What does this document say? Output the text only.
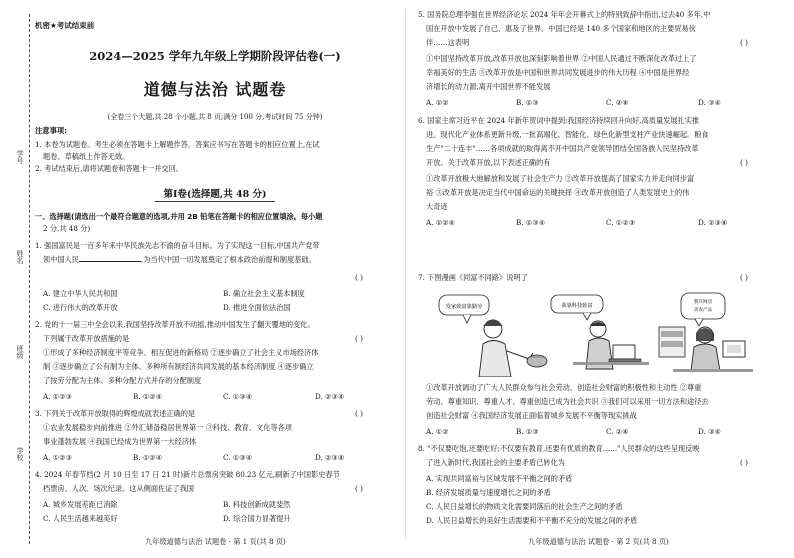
学号
姓名
班级
学校
机密★考试结束前
2024—2025 学年九年级上学期阶段评估卷(一)
道德与法治 试题卷
(全卷三个大题,共 28 个小题,共 8 页;满分 100 分,考试时间 75 分钟)
注意事项:
1. 本卷为试题卷。考生必须在答题卡上解题作答。答案应书写在答题卡的相应位置上,在试
题卷、草稿纸上作答无效。
2. 考试结束后,请将试题卷和答题卡一并交回。
第Ⅰ卷(选择题,共 48 分)
一、选择题(请选出一个最符合题意的选项,并用 2B 铅笔在答题卡的相应位置填涂。每小题
2 分,共 48 分)
1. 强国富民是一百多年来中华民族先志不渝的奋斗目标。为了实现这一目标,中国共产党带
领中国人民	,为当代中国一切发展奠定了根本政治前提和制度基础。
( )
A. 建立中华人民共和国	B. 确立社会主义基本制度
C. 进行伟大的改革开放	D. 推进全面依法治国
2. 党的十一届三中全会以来,我国坚持改革开放不动摇,推动中国发生了翻天覆地的变化。
下列属于改革开放措施的是	( )
①形成了多种经济制度平等竞争、相互促进的新格局 ②逐步确立了社会主义市场经济体
制 ③逐步确立了公有制为主体、多种所有制经济共同发展的基本经济制度 ④逐步确立
了按劳分配为主体、多种分配方式并存的分配制度
A. ①②③	B. ①②④	C. ①③④	D. ②③④
3. 下列关于改革开放取得的辉煌成就表述正确的是	( )
①农业发展稳步向前推进 ②外汇储备稳居世界第一 ③科技、教育、文化等各项
事业蓬勃发展 ④我国已经成为世界第一大经济体
A. ①②③	B. ①②④	C. ①③④	D. ②③④
4. 2024 年春节档(2 月 10 日至 17 日 21 时)新片总票房突破 80.23 亿元,刷新了中国影史春节
档票房、人次、场次纪录。这从侧面佐证了我国	( )
A. 城乡发展差距已消除	B. 科技创新成就斐然
C. 人民生活越来越美好	D. 综合国力显著提升
九年级道德与法治 试题卷 · 第 1 页(共 8 页)
5. 国务院总理李强在世界经济论坛 2024 年年会开幕式上的特别致辞中指出,过去40 多年,中
国在开放中发展了自己、惠及了世界。中国已经是 140 多个国家和地区的主要贸易伙
伴……这表明	( )
①中国坚持改革开放,改革开放也深刻影响着世界 ②中国人民通过不断深化改革过上了
幸福美好的生活 ③改革开放是中国和世界共同发展进步的伟大历程 ④中国是世界经
济增长的动力源,离开中国世界不能发展
A. ①②	B. ①③	C. ②④	D. ③④
6. 国家主席习近平在 2024 年新年贺词中提到:我国经济持续回升向好,高质量发展扎实推
进。现代化产业体系更新升级,一批高端化、智能化、绿色化新型支柱产业快速崛起。粮食
生产"二十连丰"……各项成就的取得离不开中国共产党领导团结全国各族人民坚持改革
开放。关于改革开放,以下表述正确的有	( )
①改革开放极大地解放和发展了社会生产力 ②改革开放提高了国家实力并走向同步富
裕 ③改革开放是决定当代中国命运的关键抉择 ④改革开放创造了人类发展史上的伟
大奇迹
A. ①②④	B. ①③④	C. ①②③	D. ②③④
7. 下图漫画《同富不同路》说明了	( )
发家致富靠勤劳	我靠科技致富
我开网店
卖农产品
①改革开放调动了广大人民群众参与社会劳动、创造社会财富的积极性和主动性 ②尊重
劳动、尊重知识、尊重人才、尊重创造已成为社会共识 ③我们可以采用一切方法和途径去
创造社会财富 ④我国经济发展正面临着城乡发展不平衡等现实挑战
A. ①②	B. ①③	C. ②④	D. ③④
8. "不仅要吃饱,还要吃好;不仅要有教育,还要有优质的教育……"人民群众的这些呈现反映
了进入新时代,我国社会的主要矛盾已转化为	( )
A. 实现共同富裕与区域发展不平衡之间的矛盾
B. 经济发展质量与速度增长之间的矛盾
C. 人民日益增长的物质文化需要同落后的社会生产之间的矛盾
D. 人民日益增长的美好生活需要和不平衡不充分的发展之间的矛盾
九年级道德与法治 试题卷 · 第 2 页(共 8 页)
